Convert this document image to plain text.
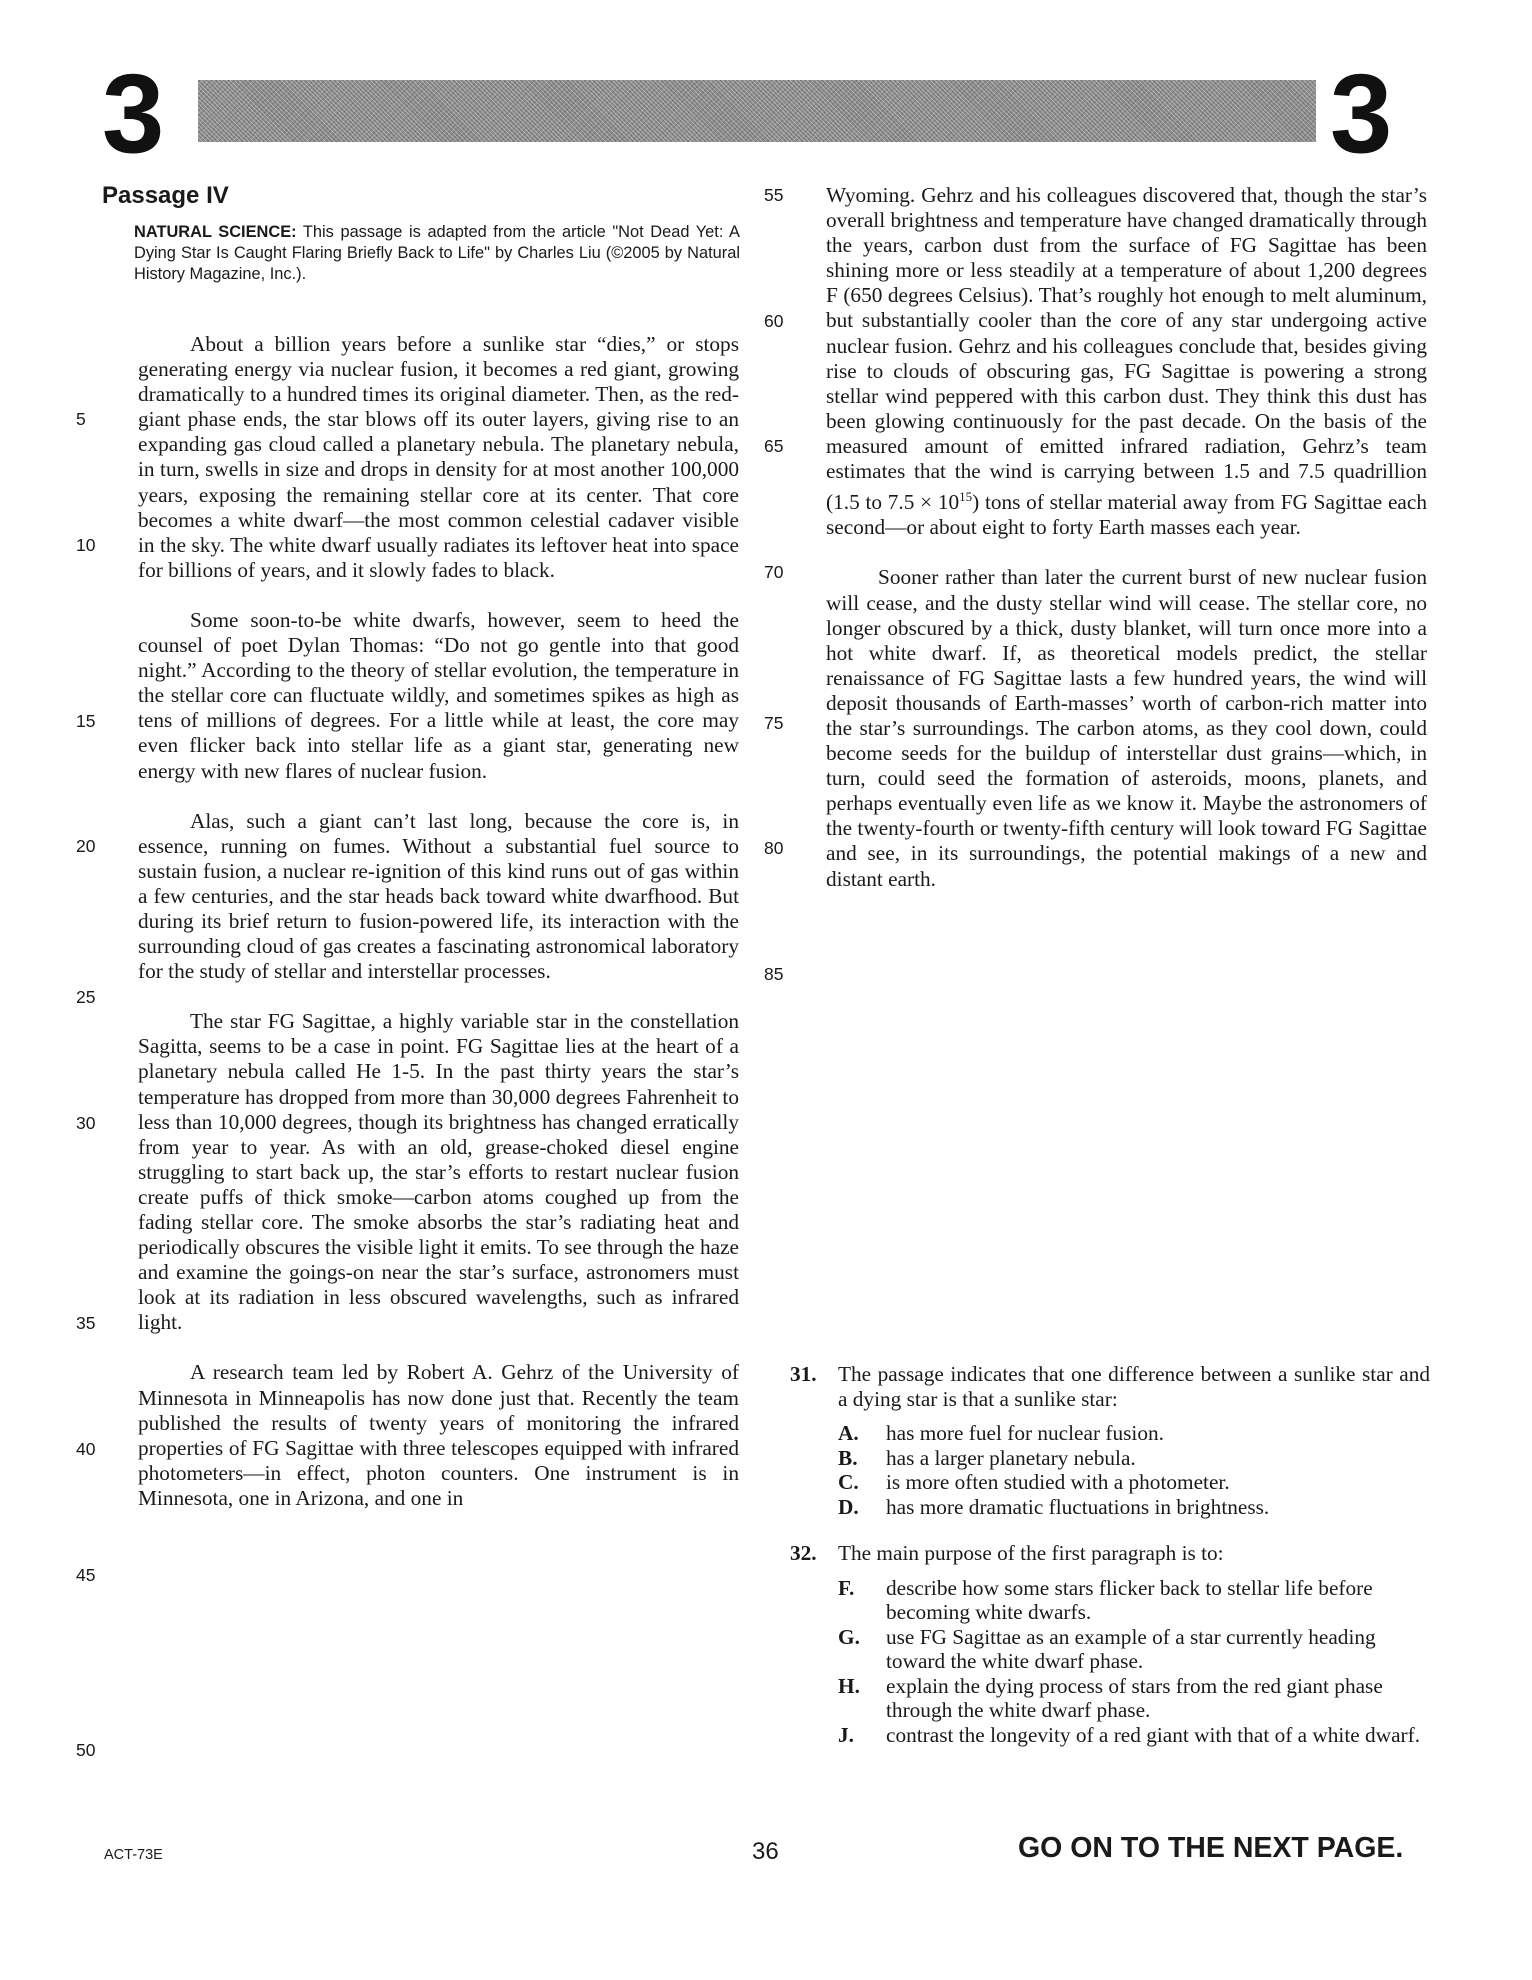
3	3
Passage IV
NATURAL SCIENCE: This passage is adapted from the article "Not Dead Yet: A Dying Star Is Caught Flaring Briefly Back to Life" by Charles Liu (©2005 by Natural History Magazine, Inc.).
5
10
15
20
25
30
35
40
45
50

About a billion years before a sunlike star “dies,” or stops generating energy via nuclear fusion, it becomes a red giant, growing dramatically to a hundred times its original diameter. Then, as the red-giant phase ends, the star blows off its outer layers, giving rise to an expanding gas cloud called a planetary nebula. The planetary nebula, in turn, swells in size and drops in density for at most another 100,000 years, exposing the remaining stellar core at its center. That core becomes a white dwarf—the most common celestial cadaver visible in the sky. The white dwarf usually radiates its leftover heat into space for billions of years, and it slowly fades to black.

Some soon-to-be white dwarfs, however, seem to heed the counsel of poet Dylan Thomas: “Do not go gentle into that good night.” According to the theory of stellar evolution, the temperature in the stellar core can fluctuate wildly, and sometimes spikes as high as tens of millions of degrees. For a little while at least, the core may even flicker back into stellar life as a giant star, generating new energy with new flares of nuclear fusion.

Alas, such a giant can’t last long, because the core is, in essence, running on fumes. Without a substantial fuel source to sustain fusion, a nuclear re-ignition of this kind runs out of gas within a few centuries, and the star heads back toward white dwarfhood. But during its brief return to fusion-powered life, its interaction with the surrounding cloud of gas creates a fascinating astronomical laboratory for the study of stellar and interstellar processes.

The star FG Sagittae, a highly variable star in the constellation Sagitta, seems to be a case in point. FG Sagittae lies at the heart of a planetary nebula called He 1-5. In the past thirty years the star’s temperature has dropped from more than 30,000 degrees Fahrenheit to less than 10,000 degrees, though its brightness has changed erratically from year to year. As with an old, grease-choked diesel engine struggling to start back up, the star’s efforts to restart nuclear fusion create puffs of thick smoke—carbon atoms coughed up from the fading stellar core. The smoke absorbs the star’s radiating heat and periodically obscures the visible light it emits. To see through the haze and examine the goings-on near the star’s surface, astronomers must look at its radiation in less obscured wavelengths, such as infrared light.

A research team led by Robert A. Gehrz of the University of Minnesota in Minneapolis has now done just that. Recently the team published the results of twenty years of monitoring the infrared properties of FG Sagittae with three telescopes equipped with infrared photometers—in effect, photon counters. One instrument is in Minnesota, one in Arizona, and one in

55
60
65
70
75
80
85

Wyoming. Gehrz and his colleagues discovered that, though the star’s overall brightness and temperature have changed dramatically through the years, carbon dust from the surface of FG Sagittae has been shining more or less steadily at a temperature of about 1,200 degrees F (650 degrees Celsius). That’s roughly hot enough to melt aluminum, but substantially cooler than the core of any star undergoing active nuclear fusion. Gehrz and his colleagues conclude that, besides giving rise to clouds of obscuring gas, FG Sagittae is powering a strong stellar wind peppered with this carbon dust. They think this dust has been glowing continuously for the past decade. On the basis of the measured amount of emitted infrared radiation, Gehrz’s team estimates that the wind is carrying between 1.5 and 7.5 quadrillion (1.5 to $7.5 \times 10^{15}$) tons of stellar material away from FG Sagittae each second—or about eight to forty Earth masses each year.

Sooner rather than later the current burst of new nuclear fusion will cease, and the dusty stellar wind will cease. The stellar core, no longer obscured by a thick, dusty blanket, will turn once more into a hot white dwarf. If, as theoretical models predict, the stellar renaissance of FG Sagittae lasts a few hundred years, the wind will deposit thousands of Earth-masses’ worth of carbon-rich matter into the star’s surroundings. The carbon atoms, as they cool down, could become seeds for the buildup of interstellar dust grains—which, in turn, could seed the formation of asteroids, moons, planets, and perhaps eventually even life as we know it. Maybe the astronomers of the twenty-fourth or twenty-fifth century will look toward FG Sagittae and see, in its surroundings, the potential makings of a new and distant earth.

31. The passage indicates that one difference between a sunlike star and a dying star is that a sunlike star:
A. has more fuel for nuclear fusion.
B. has a larger planetary nebula.
C. is more often studied with a photometer.
D. has more dramatic fluctuations in brightness.
32. The main purpose of the first paragraph is to:
F. describe how some stars flicker back to stellar life before becoming white dwarfs.
G. use FG Sagittae as an example of a star currently heading toward the white dwarf phase.
H. explain the dying process of stars from the red giant phase through the white dwarf phase.
J. contrast the longevity of a red giant with that of a white dwarf.
ACT-73E	36	GO ON TO THE NEXT PAGE.
